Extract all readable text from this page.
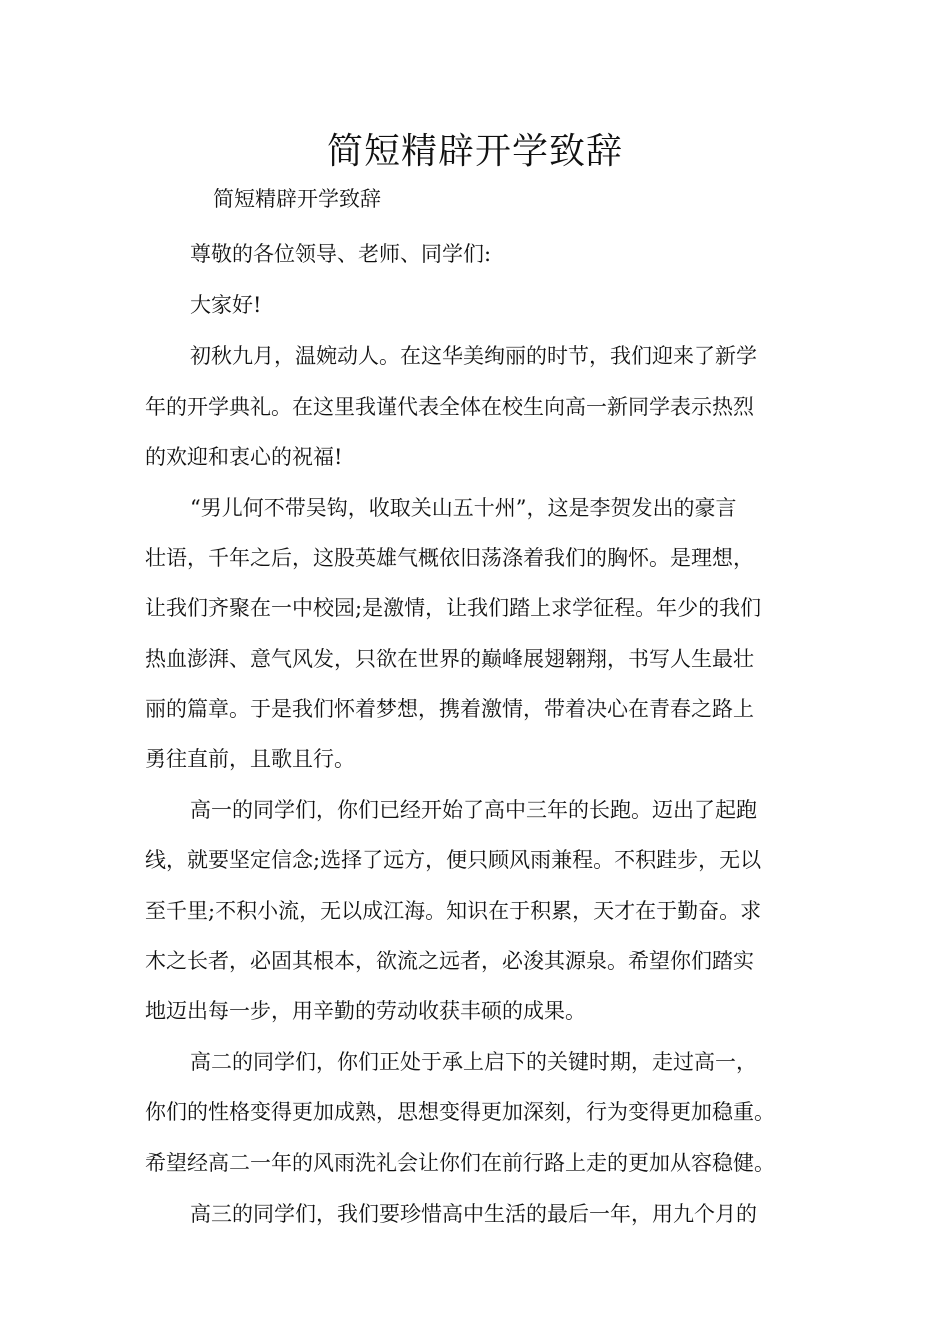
简短精辟开学致辞

简短精辟开学致辞

尊敬的各位领导、老师、同学们:

大家好!

初秋九月，温婉动人。在这华美绚丽的时节，我们迎来了新学
年的开学典礼。在这里我谨代表全体在校生向高一新同学表示热烈
的欢迎和衷心的祝福!

“男儿何不带吴钩，收取关山五十州”，这是李贺发出的豪言
壮语，千年之后，这股英雄气概依旧荡涤着我们的胸怀。是理想，
让我们齐聚在一中校园;是激情，让我们踏上求学征程。年少的我们
热血澎湃、意气风发，只欲在世界的巅峰展翅翱翔，书写人生最壮
丽的篇章。于是我们怀着梦想，携着激情，带着决心在青春之路上
勇往直前，且歌且行。

高一的同学们，你们已经开始了高中三年的长跑。迈出了起跑
线，就要坚定信念;选择了远方，便只顾风雨兼程。不积跬步，无以
至千里;不积小流，无以成江海。知识在于积累，天才在于勤奋。求
木之长者，必固其根本，欲流之远者，必浚其源泉。希望你们踏实
地迈出每一步，用辛勤的劳动收获丰硕的成果。

高二的同学们，你们正处于承上启下的关键时期，走过高一，
你们的性格变得更加成熟，思想变得更加深刻，行为变得更加稳重。
希望经高二一年的风雨洗礼会让你们在前行路上走的更加从容稳健。

高三的同学们，我们要珍惜高中生活的最后一年，用九个月的
